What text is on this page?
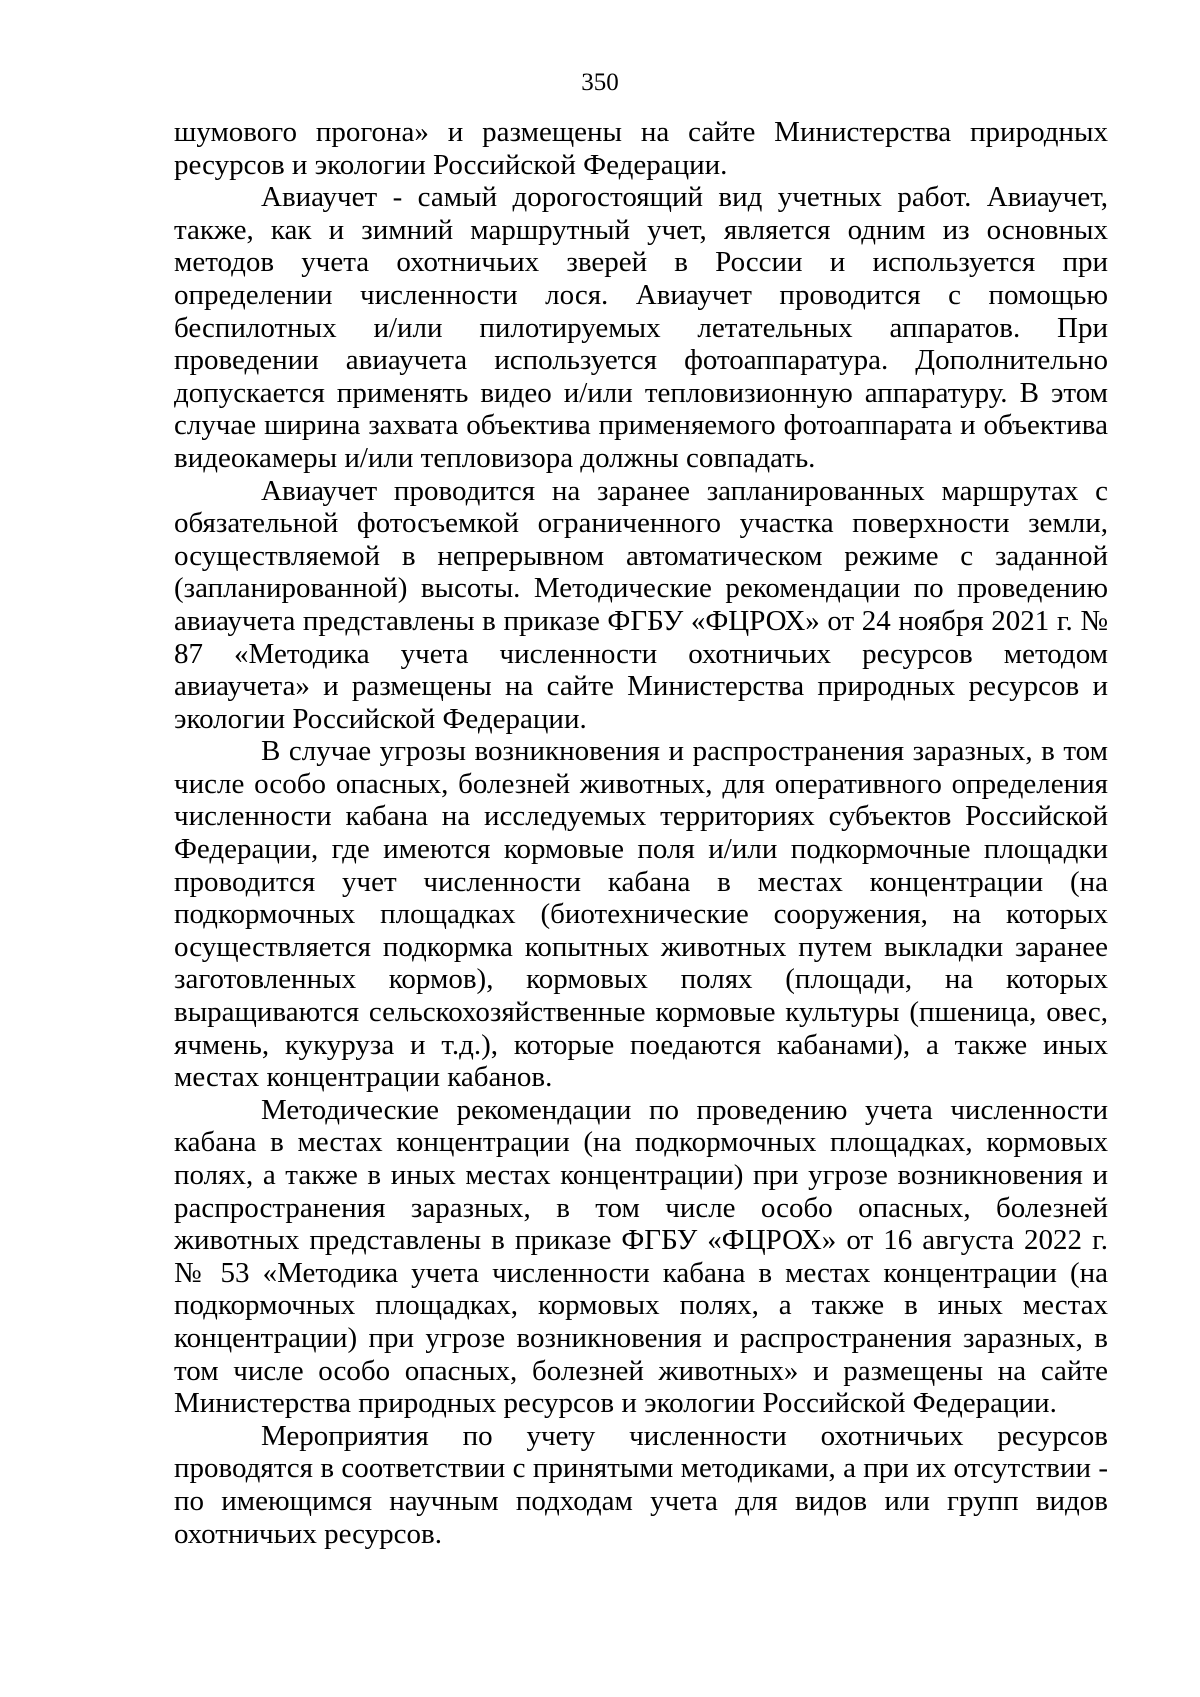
350

шумового прогона» и размещены на сайте Министерства природных ресурсов и экологии Российской Федерации.

Авиаучет - самый дорогостоящий вид учетных работ. Авиаучет, также, как и зимний маршрутный учет, является одним из основных методов учета охотничьих зверей в России и используется при определении численности лося. Авиаучет проводится с помощью беспилотных и/или пилотируемых летательных аппаратов. При проведении авиаучета используется фотоаппаратура. Дополнительно допускается применять видео и/или тепловизионную аппаратуру. В этом случае ширина захвата объектива применяемого фотоаппарата и объектива видеокамеры и/или тепловизора должны совпадать.

Авиаучет проводится на заранее запланированных маршрутах с обязательной фотосъемкой ограниченного участка поверхности земли, осуществляемой в непрерывном автоматическом режиме с заданной (запланированной) высоты. Методические рекомендации по проведению авиаучета представлены в приказе ФГБУ «ФЦРОХ» от 24 ноября 2021 г. № 87 «Методика учета численности охотничьих ресурсов методом авиаучета» и размещены на сайте Министерства природных ресурсов и экологии Российской Федерации.

В случае угрозы возникновения и распространения заразных, в том числе особо опасных, болезней животных, для оперативного определения численности кабана на исследуемых территориях субъектов Российской Федерации, где имеются кормовые поля и/или подкормочные площадки проводится учет численности кабана в местах концентрации (на подкормочных площадках (биотехнические сооружения, на которых осуществляется подкормка копытных животных путем выкладки заранее заготовленных кормов), кормовых полях (площади, на которых выращиваются сельскохозяйственные кормовые культуры (пшеница, овес, ячмень, кукуруза и т.д.), которые поедаются кабанами), а также иных местах концентрации кабанов.

Методические рекомендации по проведению учета численности кабана в местах концентрации (на подкормочных площадках, кормовых полях, а также в иных местах концентрации) при угрозе возникновения и распространения заразных, в том числе особо опасных, болезней животных представлены в приказе ФГБУ «ФЦРОХ» от 16 августа 2022 г. № 53 «Методика учета численности кабана в местах концентрации (на подкормочных площадках, кормовых полях, а также в иных местах концентрации) при угрозе возникновения и распространения заразных, в том числе особо опасных, болезней животных» и размещены на сайте Министерства природных ресурсов и экологии Российской Федерации.

Мероприятия по учету численности охотничьих ресурсов проводятся в соответствии с принятыми методиками, а при их отсутствии - по имеющимся научным подходам учета для видов или групп видов охотничьих ресурсов.
